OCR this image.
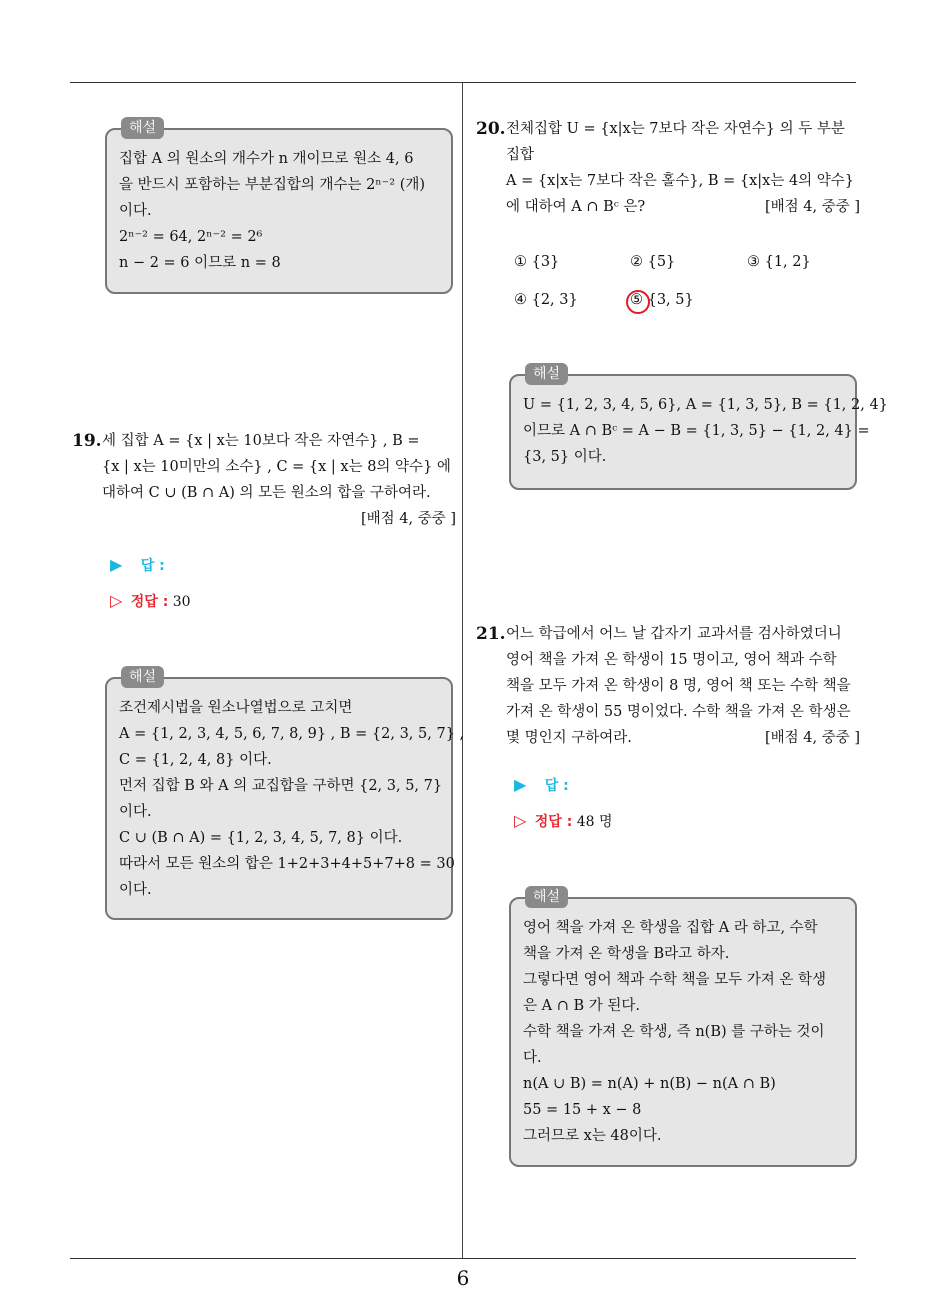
6
해설
집합 A 의 원소의 개수가 n 개이므로 원소 4, 6
을 반드시 포함하는 부분집합의 개수는 2ⁿ⁻² (개)
이다.
2ⁿ⁻² = 64, 2ⁿ⁻² = 2⁶
n − 2 = 6 이므로 n = 8
19. 세 집합 A = {x | x는 10보다 작은 자연수} , B =
{x | x는 10미만의 소수} , C = {x | x는 8의 약수} 에
대하여 C ∪ (B ∩ A) 의 모든 원소의 합을 구하여라.
[배점 4, 중중 ]
▶ 답 :
▷ 정답 : 30
해설
조건제시법을 원소나열법으로 고치면
A = {1, 2, 3, 4, 5, 6, 7, 8, 9} , B = {2, 3, 5, 7} ,
C = {1, 2, 4, 8} 이다.
먼저 집합 B 와 A 의 교집합을 구하면 {2, 3, 5, 7}
이다.
C ∪ (B ∩ A) = {1, 2, 3, 4, 5, 7, 8} 이다.
따라서 모든 원소의 합은 1+2+3+4+5+7+8 = 30
이다.
20. 전체집합 U = {x|x는 7보다 작은 자연수} 의 두 부분
집합
A = {x|x는 7보다 작은 홀수}, B = {x|x는 4의 약수}
에 대하여 A ∩ Bᶜ 은?	[배점 4, 중중 ]
① {3}	② {5}	③ {1, 2}
④ {2, 3}	⑤ {3, 5}
해설
U = {1, 2, 3, 4, 5, 6}, A = {1, 3, 5}, B = {1, 2, 4}
이므로 A ∩ Bᶜ = A − B = {1, 3, 5} − {1, 2, 4} =
{3, 5} 이다.
21. 어느 학급에서 어느 날 갑자기 교과서를 검사하였더니
영어 책을 가져 온 학생이 15 명이고, 영어 책과 수학
책을 모두 가져 온 학생이 8 명, 영어 책 또는 수학 책을
가져 온 학생이 55 명이었다. 수학 책을 가져 온 학생은
몇 명인지 구하여라.	[배점 4, 중중 ]
▶ 답 :
▷ 정답 : 48 명
해설
영어 책을 가져 온 학생을 집합 A 라 하고, 수학
책을 가져 온 학생을 B라고 하자.
그렇다면 영어 책과 수학 책을 모두 가져 온 학생
은 A ∩ B 가 된다.
수학 책을 가져 온 학생, 즉 n(B) 를 구하는 것이
다.
n(A ∪ B) = n(A) + n(B) − n(A ∩ B)
55 = 15 + x − 8
그러므로 x는 48이다.
